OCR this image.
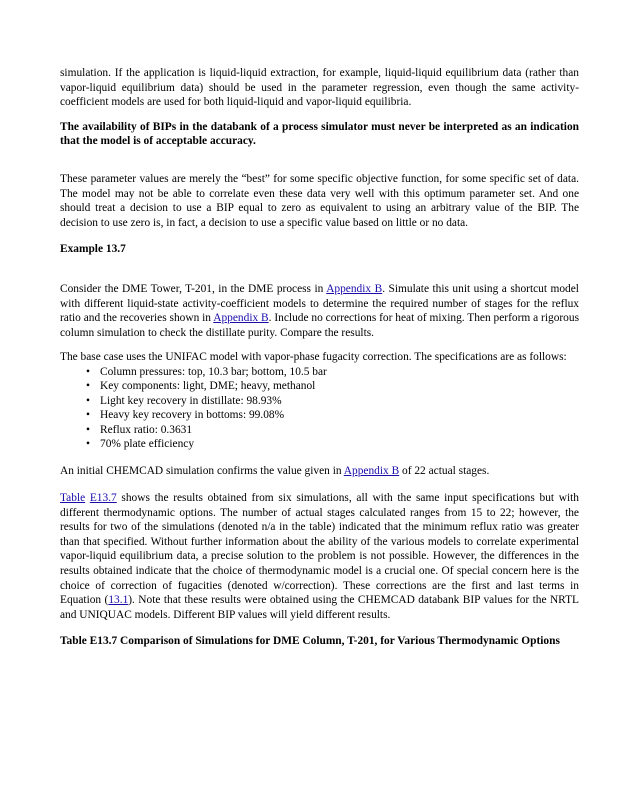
simulation. If the application is liquid-liquid extraction, for example, liquid-liquid equilibrium data (rather than vapor-liquid equilibrium data) should be used in the parameter regression, even though the same activity-coefficient models are used for both liquid-liquid and vapor-liquid equilibria.

The availability of BIPs in the databank of a process simulator must never be interpreted as an indication that the model is of acceptable accuracy.

These parameter values are merely the “best” for some specific objective function, for some specific set of data. The model may not be able to correlate even these data very well with this optimum parameter set. And one should treat a decision to use a BIP equal to zero as equivalent to using an arbitrary value of the BIP. The decision to use zero is, in fact, a decision to use a specific value based on little or no data.

Example 13.7

Consider the DME Tower, T-201, in the DME process in Appendix B. Simulate this unit using a shortcut model with different liquid-state activity-coefficient models to determine the required number of stages for the reflux ratio and the recoveries shown in Appendix B. Include no corrections for heat of mixing. Then perform a rigorous column simulation to check the distillate purity. Compare the results.

The base case uses the UNIFAC model with vapor-phase fugacity correction. The specifications are as follows:

• Column pressures: top, 10.3 bar; bottom, 10.5 bar
• Key components: light, DME; heavy, methanol
• Light key recovery in distillate: 98.93%
• Heavy key recovery in bottoms: 99.08%
• Reflux ratio: 0.3631
• 70% plate efficiency

An initial CHEMCAD simulation confirms the value given in Appendix B of 22 actual stages.

Table E13.7 shows the results obtained from six simulations, all with the same input specifications but with different thermodynamic options. The number of actual stages calculated ranges from 15 to 22; however, the results for two of the simulations (denoted n/a in the table) indicated that the minimum reflux ratio was greater than that specified. Without further information about the ability of the various models to correlate experimental vapor-liquid equilibrium data, a precise solution to the problem is not possible. However, the differences in the results obtained indicate that the choice of thermodynamic model is a crucial one. Of special concern here is the choice of correction of fugacities (denoted w/correction). These corrections are the first and last terms in Equation (13.1). Note that these results were obtained using the CHEMCAD databank BIP values for the NRTL and UNIQUAC models. Different BIP values will yield different results.

Table E13.7 Comparison of Simulations for DME Column, T-201, for Various Thermodynamic Options
